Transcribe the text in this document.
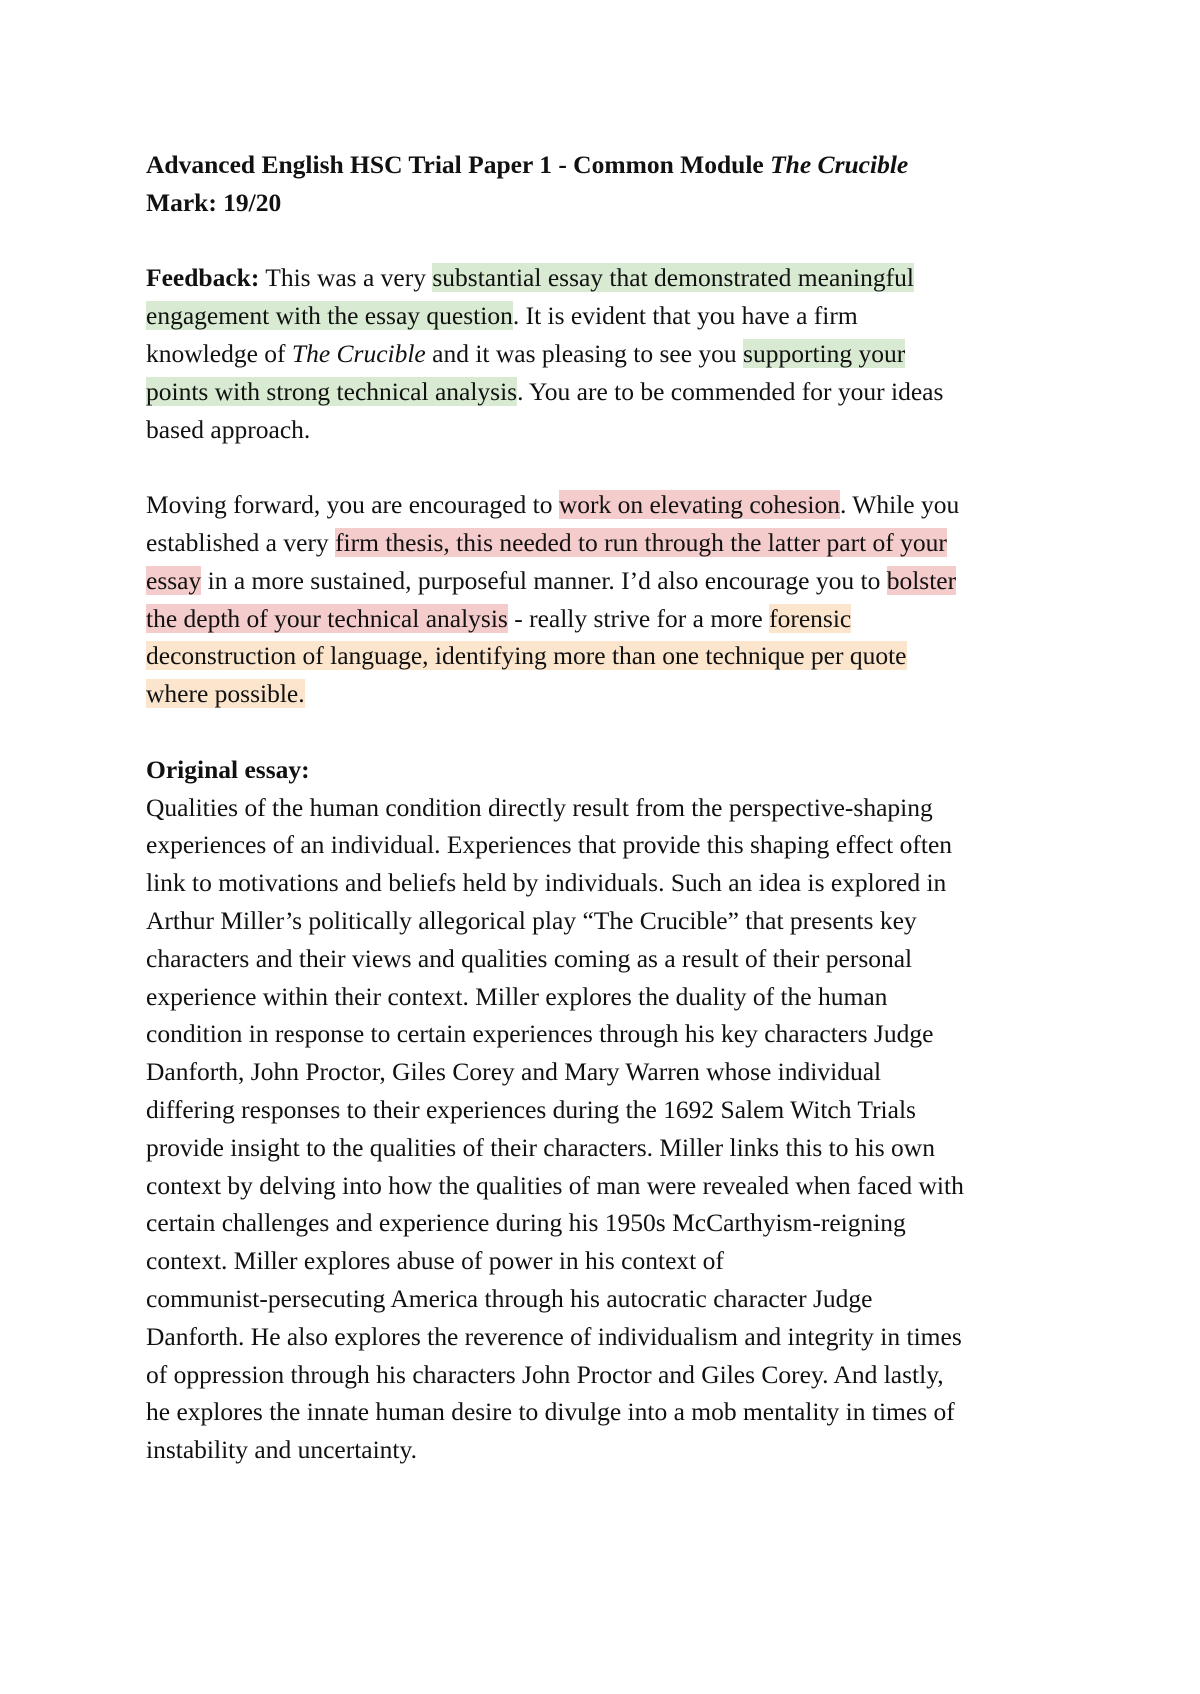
Advanced English HSC Trial Paper 1 - Common Module The Crucible

Mark: 19/20

Feedback: This was a very substantial essay that demonstrated meaningful
engagement with the essay question. It is evident that you have a firm
knowledge of The Crucible and it was pleasing to see you supporting your
points with strong technical analysis. You are to be commended for your ideas
based approach.
Moving forward, you are encouraged to work on elevating cohesion. While you
established a very firm thesis, this needed to run through the latter part of your
essay in a more sustained, purposeful manner. I’d also encourage you to bolster
the depth of your technical analysis - really strive for a more forensic
deconstruction of language, identifying more than one technique per quote
where possible.

Original essay:

Qualities of the human condition directly result from the perspective-shaping
experiences of an individual. Experiences that provide this shaping effect often
link to motivations and beliefs held by individuals. Such an idea is explored in
Arthur Miller’s politically allegorical play “The Crucible” that presents key
characters and their views and qualities coming as a result of their personal
experience within their context. Miller explores the duality of the human
condition in response to certain experiences through his key characters Judge
Danforth, John Proctor, Giles Corey and Mary Warren whose individual
differing responses to their experiences during the 1692 Salem Witch Trials
provide insight to the qualities of their characters. Miller links this to his own
context by delving into how the qualities of man were revealed when faced with
certain challenges and experience during his 1950s McCarthyism-reigning
context. Miller explores abuse of power in his context of
communist-persecuting America through his autocratic character Judge
Danforth. He also explores the reverence of individualism and integrity in times
of oppression through his characters John Proctor and Giles Corey. And lastly,
he explores the innate human desire to divulge into a mob mentality in times of
instability and uncertainty.
